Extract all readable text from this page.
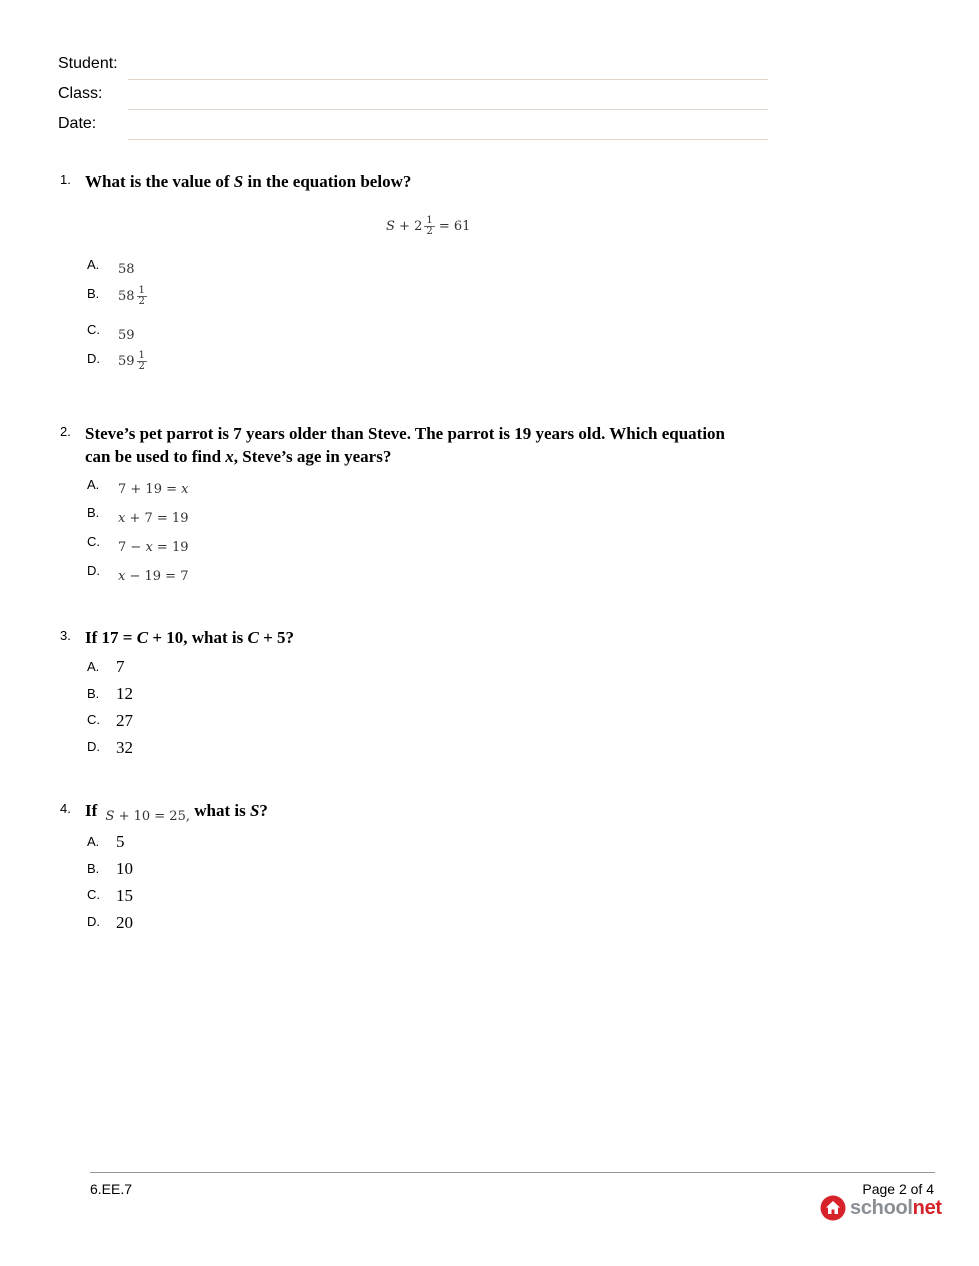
Student:
Class:
Date:
1. What is the value of S in the equation below?
$S + 2 \frac{1}{2} = 61$
A. 58
B. $58 \frac{1}{2}$
C. 59
D. $59 \frac{1}{2}$
2. Steve’s pet parrot is 7 years older than Steve. The parrot is 19 years old. Which equation
can be used to find x, Steve’s age in years?
A. 7 + 19 = x
B. x + 7 = 19
C. 7 − x = 19
D. x − 19 = 7
3. If 17 = C + 10, what is C + 5?
A. 7
B. 12
C. 27
D. 32
4. If $_{S + 10 = 25,}$ what is S?
A. 5
B. 10
C. 15
D. 20
6.EE.7	Page 2 of 4
schoolnet
